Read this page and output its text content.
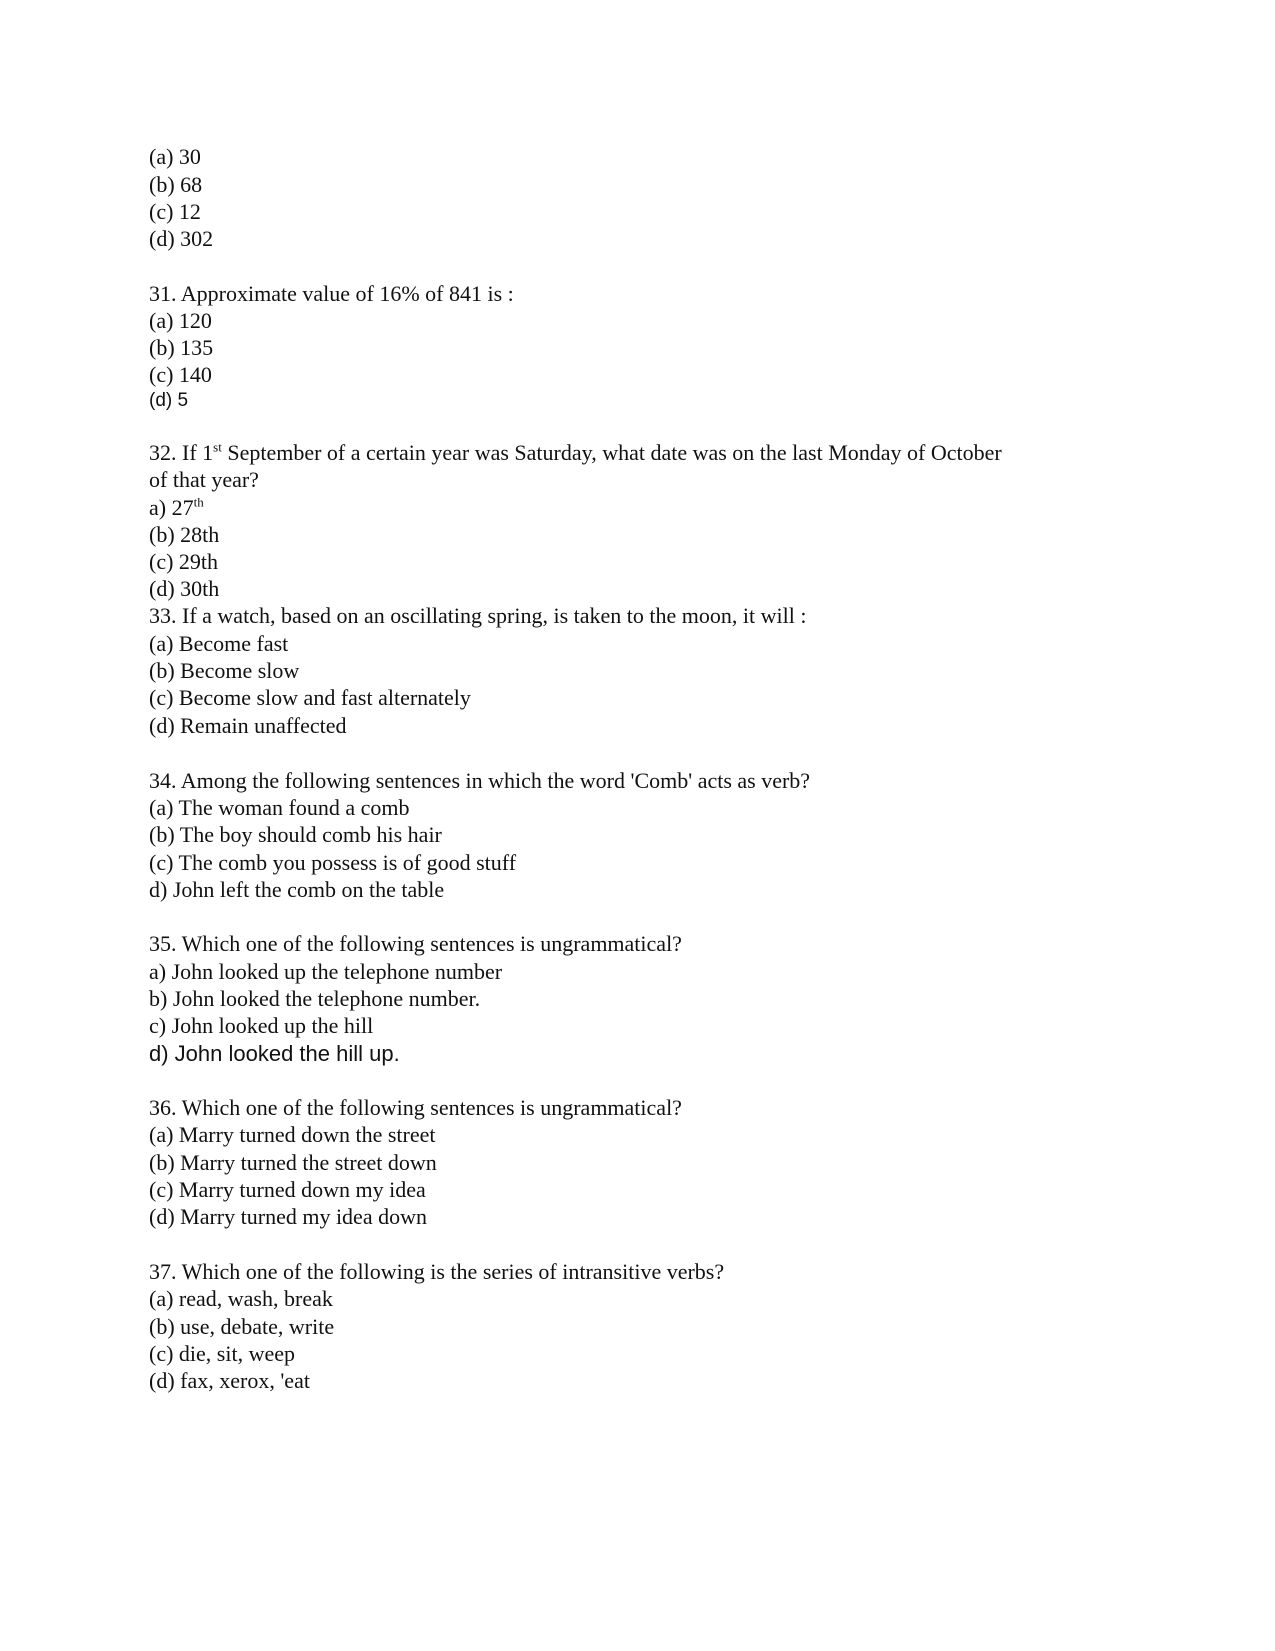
(a) 30
(b) 68
(c) 12
(d) 302
31. Approximate value of 16% of 841 is :
(a) 120
(b) 135
(c) 140
(d) 5
32. If 1st September of a certain year was Saturday, what date was on the last Monday of October
of that year?
a) 27th
(b) 28th
(c) 29th
(d) 30th
33. If a watch, based on an oscillating spring, is taken to the moon, it will :
(a) Become fast
(b) Become slow
(c) Become slow and fast alternately
(d) Remain unaffected
34. Among the following sentences in which the word 'Comb' acts as verb?
(a) The woman found a comb
(b) The boy should comb his hair
(c) The comb you possess is of good stuff
d) John left the comb on the table
35. Which one of the following sentences is ungrammatical?
a) John looked up the telephone number
b) John looked the telephone number.
c) John looked up the hill
d) John looked the hill up.
36. Which one of the following sentences is ungrammatical?
(a) Marry turned down the street
(b) Marry turned the street down
(c) Marry turned down my idea
(d) Marry turned my idea down
37. Which one of the following is the series of intransitive verbs?
(a) read, wash, break
(b) use, debate, write
(c) die, sit, weep
(d) fax, xerox, 'eat
